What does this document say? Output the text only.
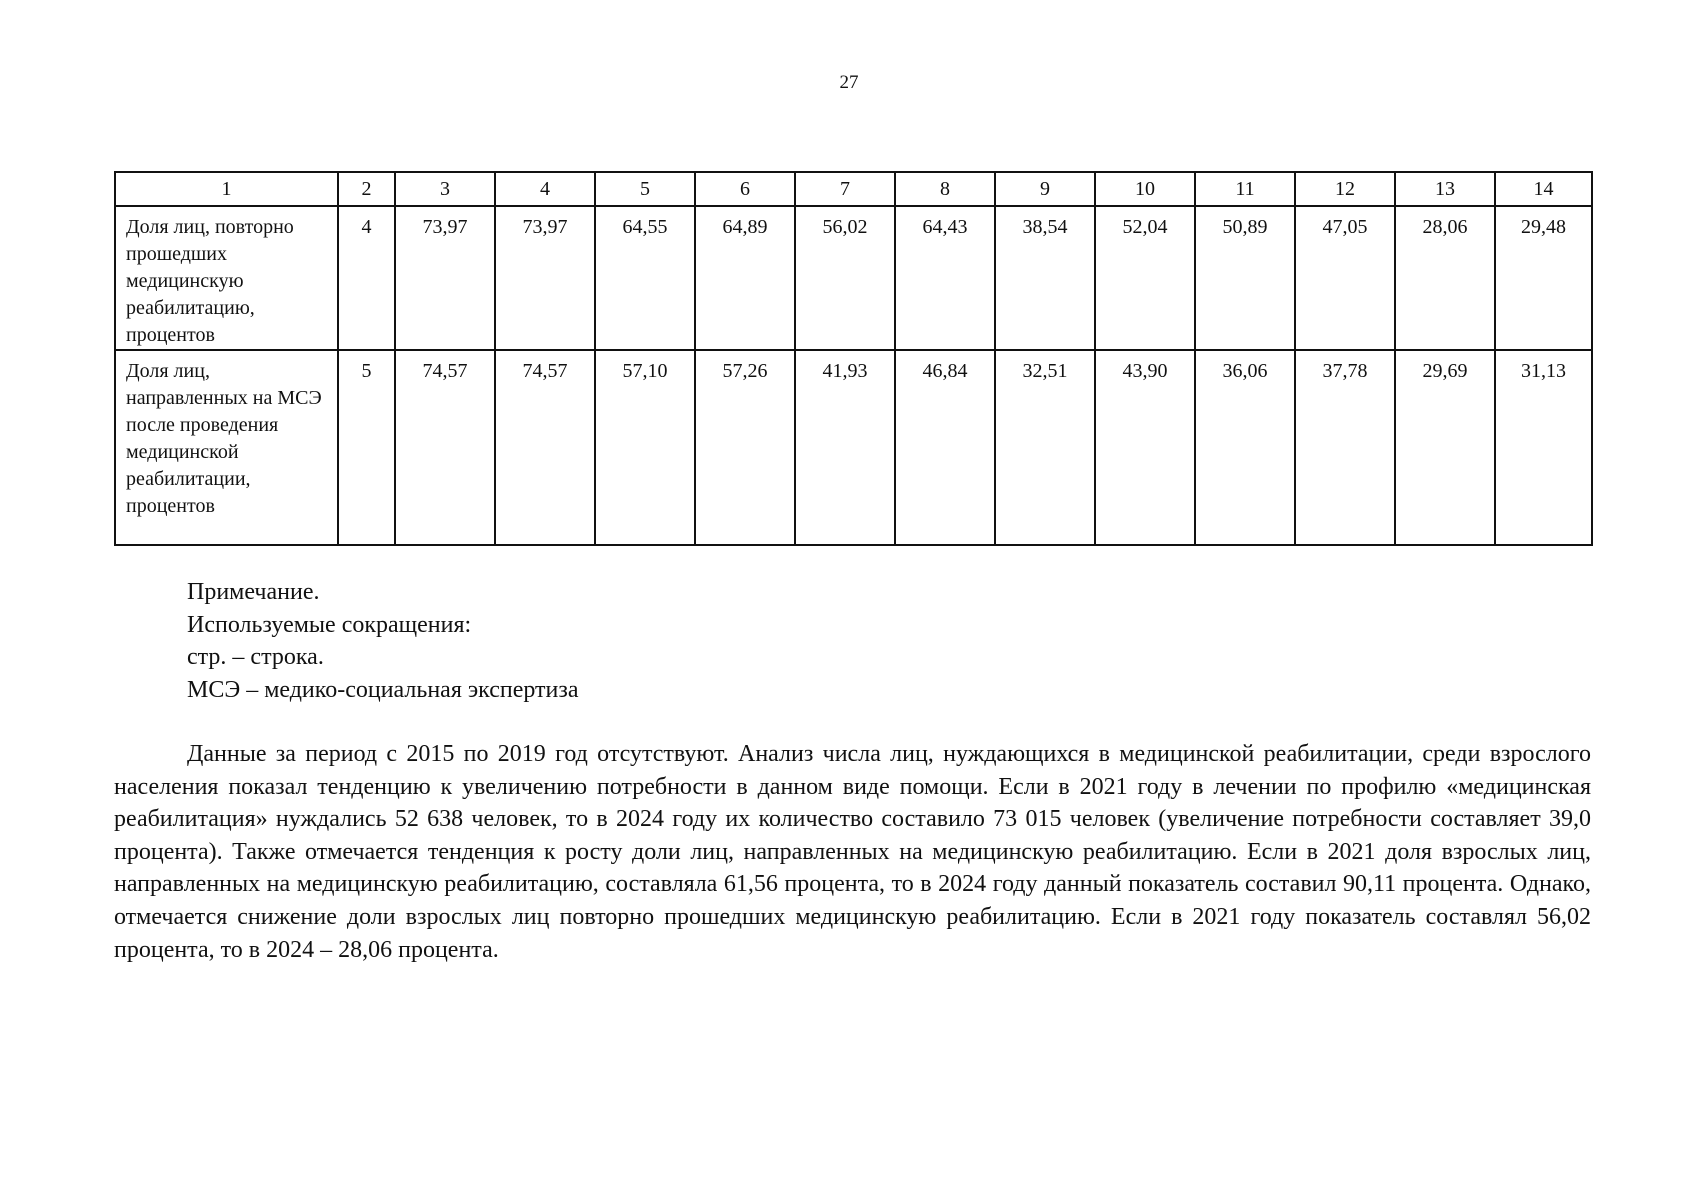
27
1	2	3	4	5	6	7	8	9	10	11	12	13	14
Доля лиц, повторно прошедших медицинскую реабилитацию, процентов	4	73,97	73,97	64,55	64,89	56,02	64,43	38,54	52,04	50,89	47,05	28,06	29,48
Доля лиц, направленных на МСЭ после проведения медицинской реабилитации, процентов	5	74,57	74,57	57,10	57,26	41,93	46,84	32,51	43,90	36,06	37,78	29,69	31,13
Примечание.
Используемые сокращения:
стр. – строка.
МСЭ – медико-социальная экспертиза

Данные за период с 2015 по 2019 год отсутствуют. Анализ числа лиц, нуждающихся в медицинской реабилитации, среди взрослого населения показал тенденцию к увеличению потребности в данном виде помощи. Если в 2021 году в лечении по профилю «медицинская реабилитация» нуждались 52 638 человек, то в 2024 году их количество составило 73 015 человек (увеличение потребности составляет 39,0 процента). Также отмечается тенденция к росту доли лиц, направленных на медицинскую реабилитацию. Если в 2021 доля взрослых лиц, направленных на медицинскую реабилитацию, составляла 61,56 процента, то в 2024 году данный показатель составил 90,11 процента. Однако, отмечается снижение доли взрослых лиц повторно прошедших медицинскую реабилитацию. Если в 2021 году показатель составлял 56,02 процента, то в 2024 – 28,06 процента.
